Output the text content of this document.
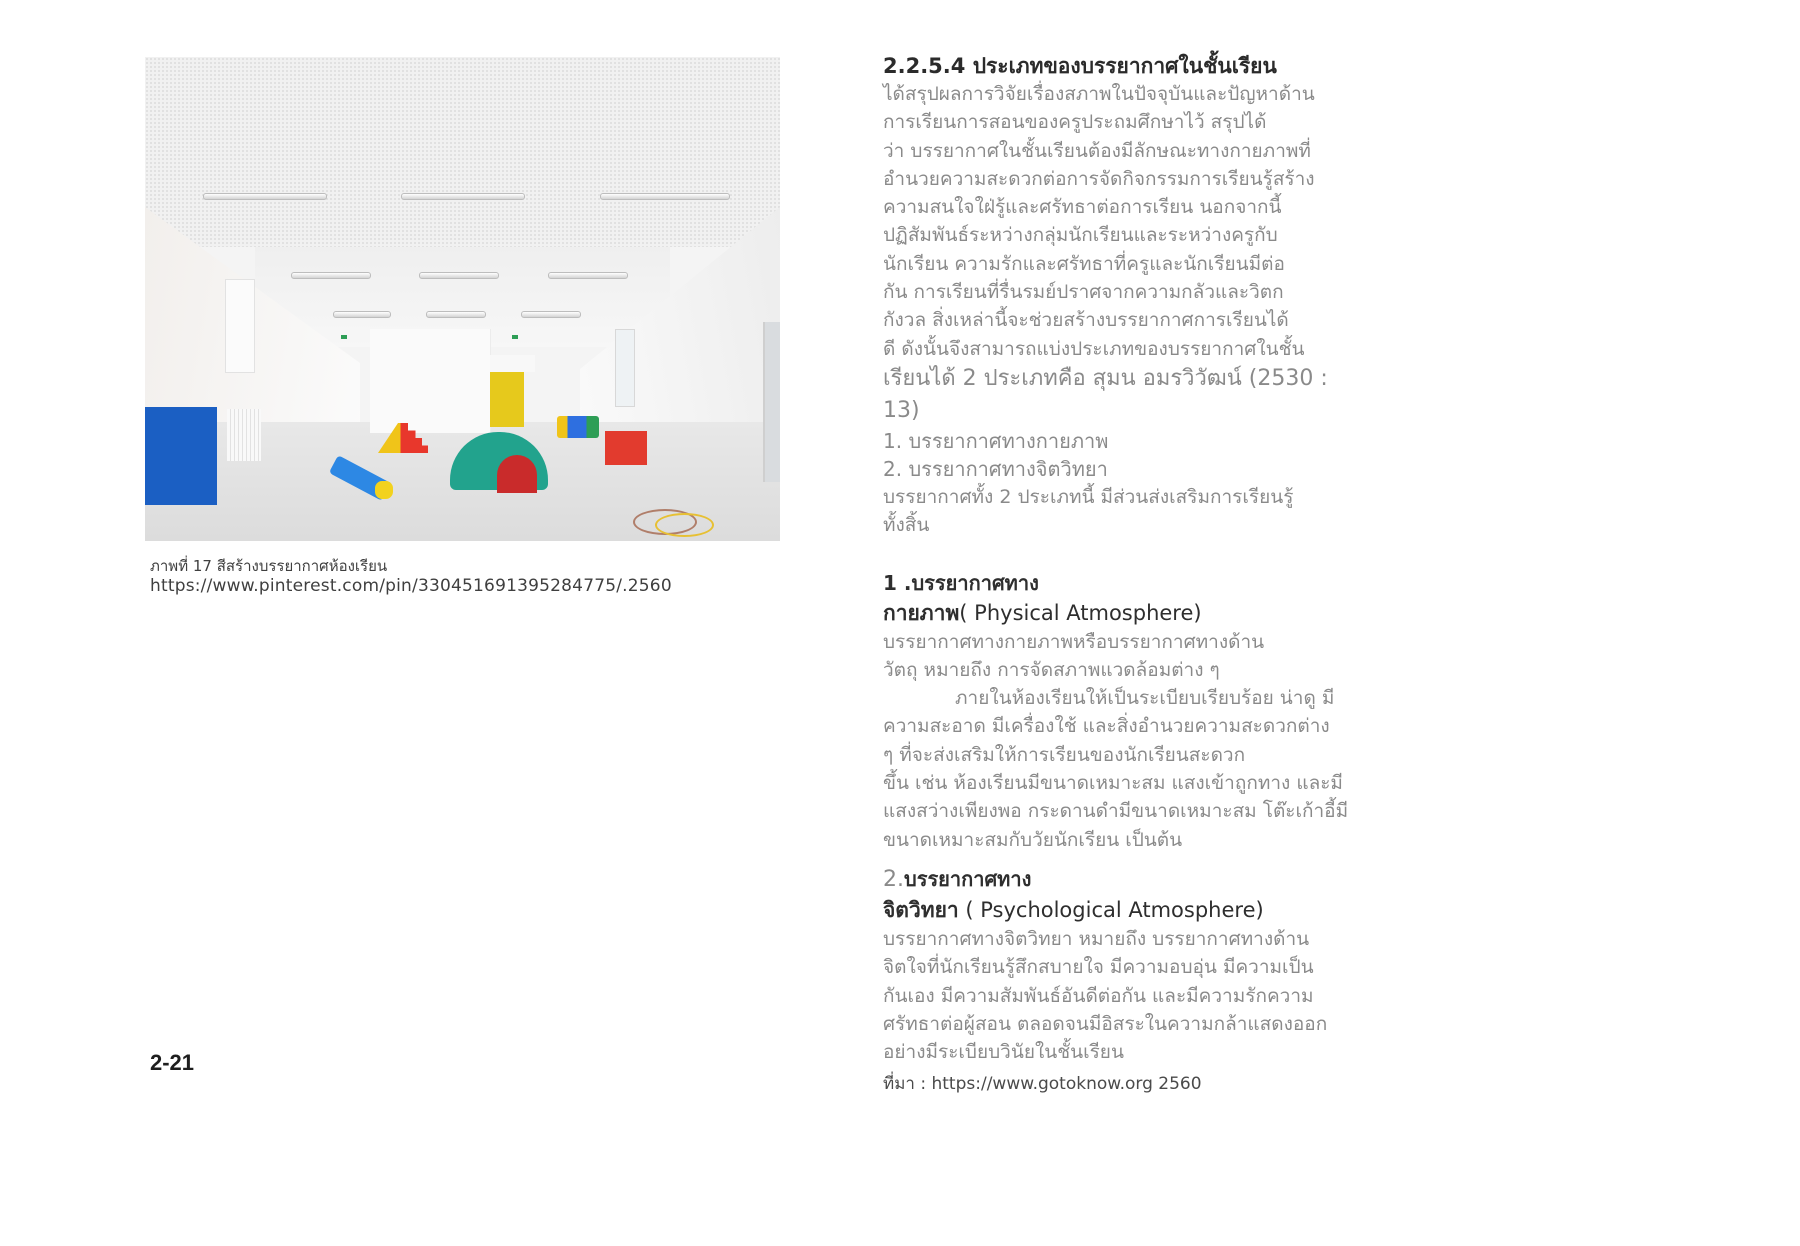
ภาพที่ 17 สีสร้างบรรยากาศห้องเรียน
https://www.pinterest.com/pin/330451691395284775/.2560
2-21
2.2.5.4 ประเภทของบรรยากาศในชั้นเรียน

ได้สรุปผลการวิจัยเรื่องสภาพในปัจจุบันและปัญหาด้าน

การเรียนการสอนของครูประถมศึกษาไว้ สรุปได้

ว่า บรรยากาศในชั้นเรียนต้องมีลักษณะทางกายภาพที่

อำนวยความสะดวกต่อการจัดกิจกรรมการเรียนรู้สร้าง

ความสนใจใฝ่รู้และศรัทธาต่อการเรียน นอกจากนี้

ปฏิสัมพันธ์ระหว่างกลุ่มนักเรียนและระหว่างครูกับ

นักเรียน ความรักและศรัทธาที่ครูและนักเรียนมีต่อ

กัน การเรียนที่รื่นรมย์ปราศจากความกลัวและวิตก

กังวล สิ่งเหล่านี้จะช่วยสร้างบรรยากาศการเรียนได้

ดี ดังนั้นจึงสามารถแบ่งประเภทของบรรยากาศในชั้น

เรียนได้ 2 ประเภทคือ สุมน อมรวิวัฒน์ (2530 :

13)

1. บรรยากาศทางกายภาพ

2. บรรยากาศทางจิตวิทยา

บรรยากาศทั้ง 2 ประเภทนี้ มีส่วนส่งเสริมการเรียนรู้

ทั้งสิ้น

1 .บรรยากาศทาง

กายภาพ( Physical Atmosphere)

บรรยากาศทางกายภาพหรือบรรยากาศทางด้าน

วัตถุ หมายถึง การจัดสภาพแวดล้อมต่าง ๆ

ภายในห้องเรียนให้เป็นระเบียบเรียบร้อย น่าดู มี

ความสะอาด มีเครื่องใช้ และสิ่งอำนวยความสะดวกต่าง

ๆ ที่จะส่งเสริมให้การเรียนของนักเรียนสะดวก

ขึ้น เช่น ห้องเรียนมีขนาดเหมาะสม แสงเข้าถูกทาง และมี

แสงสว่างเพียงพอ กระดานดำมีขนาดเหมาะสม โต๊ะเก้าอี้มี

ขนาดเหมาะสมกับวัยนักเรียน เป็นต้น

2.บรรยากาศทาง

จิตวิทยา ( Psychological Atmosphere)

บรรยากาศทางจิตวิทยา หมายถึง บรรยากาศทางด้าน

จิตใจที่นักเรียนรู้สึกสบายใจ มีความอบอุ่น มีความเป็น

กันเอง มีความสัมพันธ์อันดีต่อกัน และมีความรักความ

ศรัทธาต่อผู้สอน ตลอดจนมีอิสระในความกล้าแสดงออก

อย่างมีระเบียบวินัยในชั้นเรียน

ที่มา : https://www.gotoknow.org 2560
